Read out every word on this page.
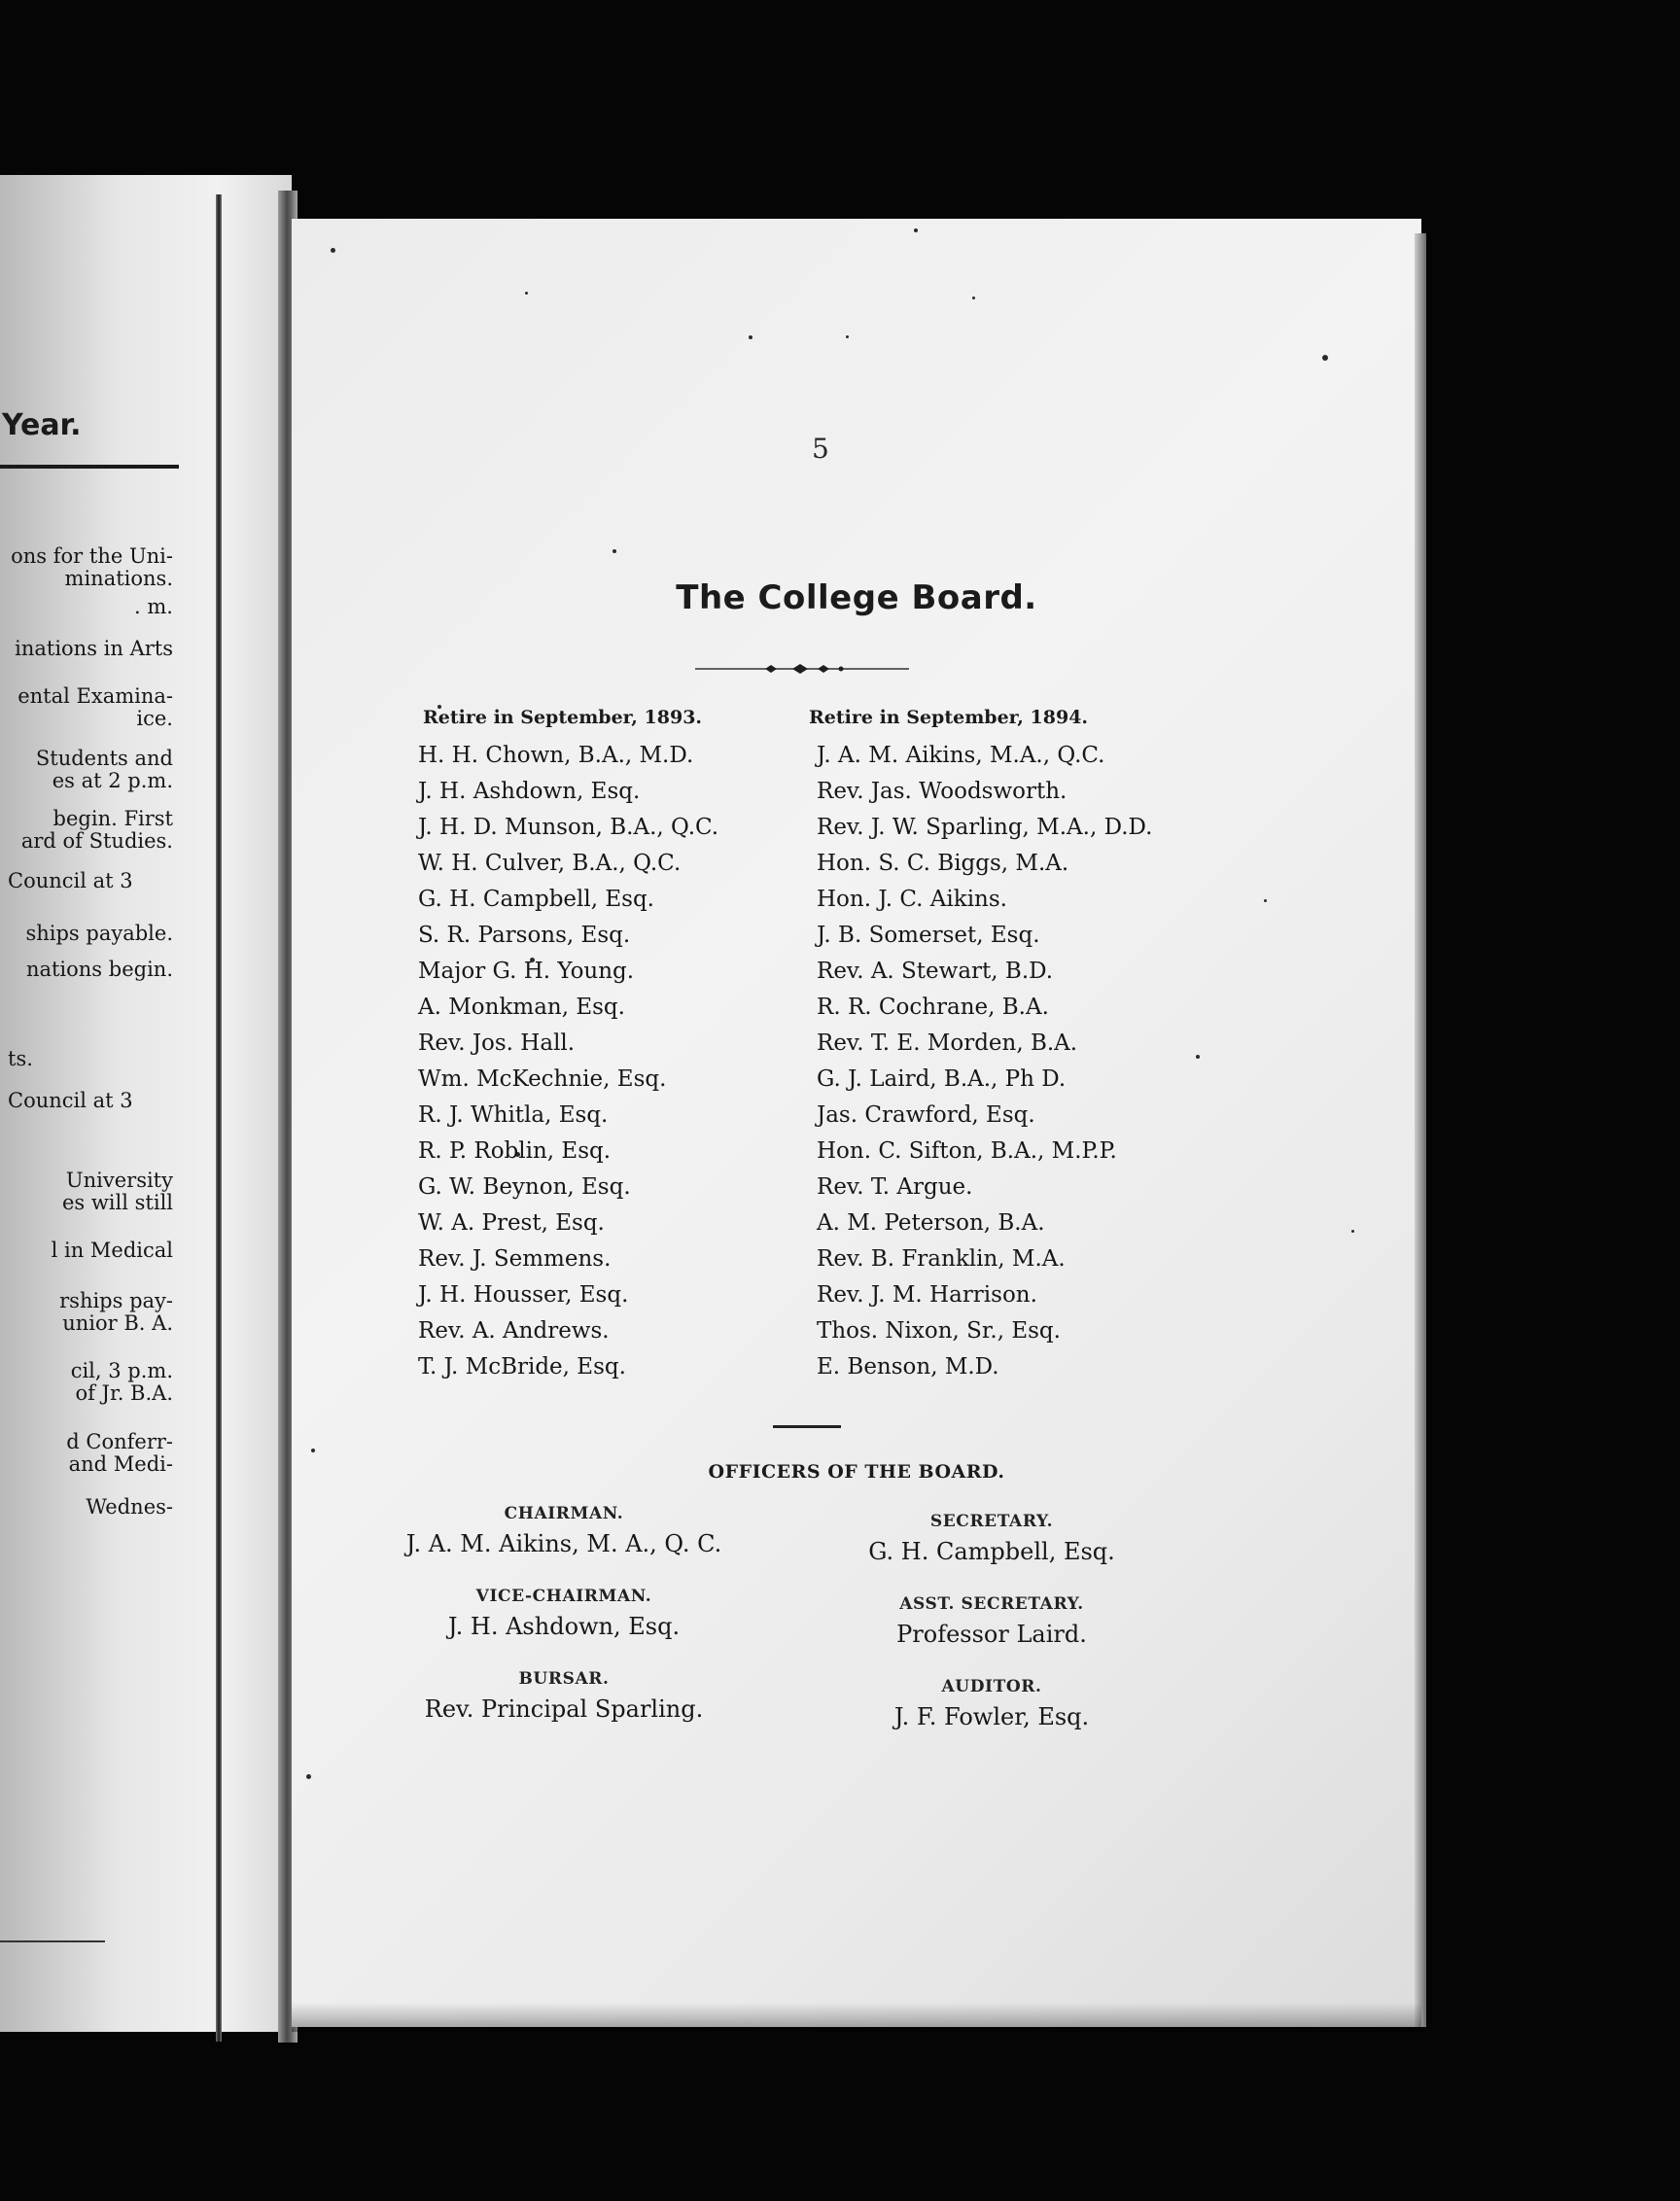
Year.
ons for the Uni-
minations.
. m.
inations in Arts
ental Examina-
ice.
Students and
es at 2 p.m.
begin. First
ard of Studies.
Council at 3
ships payable.
nations begin.
ts.
Council at 3
University
es will still
l in Medical
rships pay-
unior B. A.
cil, 3 p.m.
of Jr. B.A.
d Conferr-
and Medi-
Wednes-
5
The College Board.
Retire in September, 1893.	Retire in September, 1894.
H. H. Chown, B.A., M.D.
J. H. Ashdown, Esq.
J. H. D. Munson, B.A., Q.C.
W. H. Culver, B.A., Q.C.
G. H. Campbell, Esq.
S. R. Parsons, Esq.
Major G. H. Young.
A. Monkman, Esq.
Rev. Jos. Hall.
Wm. McKechnie, Esq.
R. J. Whitla, Esq.
R. P. Roblin, Esq.
G. W. Beynon, Esq.
W. A. Prest, Esq.
Rev. J. Semmens.
J. H. Housser, Esq.
Rev. A. Andrews.
T. J. McBride, Esq.
J. A. M. Aikins, M.A., Q.C.
Rev. Jas. Woodsworth.
Rev. J. W. Sparling, M.A., D.D.
Hon. S. C. Biggs, M.A.
Hon. J. C. Aikins.
J. B. Somerset, Esq.
Rev. A. Stewart, B.D.
R. R. Cochrane, B.A.
Rev. T. E. Morden, B.A.
G. J. Laird, B.A., Ph D.
Jas. Crawford, Esq.
Hon. C. Sifton, B.A., M.P.P.
Rev. T. Argue.
A. M. Peterson, B.A.
Rev. B. Franklin, M.A.
Rev. J. M. Harrison.
Thos. Nixon, Sr., Esq.
E. Benson, M.D.
OFFICERS OF THE BOARD.
CHAIRMAN.
J. A. M. Aikins, M. A., Q. C.
SECRETARY.
G. H. Campbell, Esq.
VICE-CHAIRMAN.
J. H. Ashdown, Esq.
ASST. SECRETARY.
Professor Laird.
BURSAR.
Rev. Principal Sparling.
AUDITOR.
J. F. Fowler, Esq.
